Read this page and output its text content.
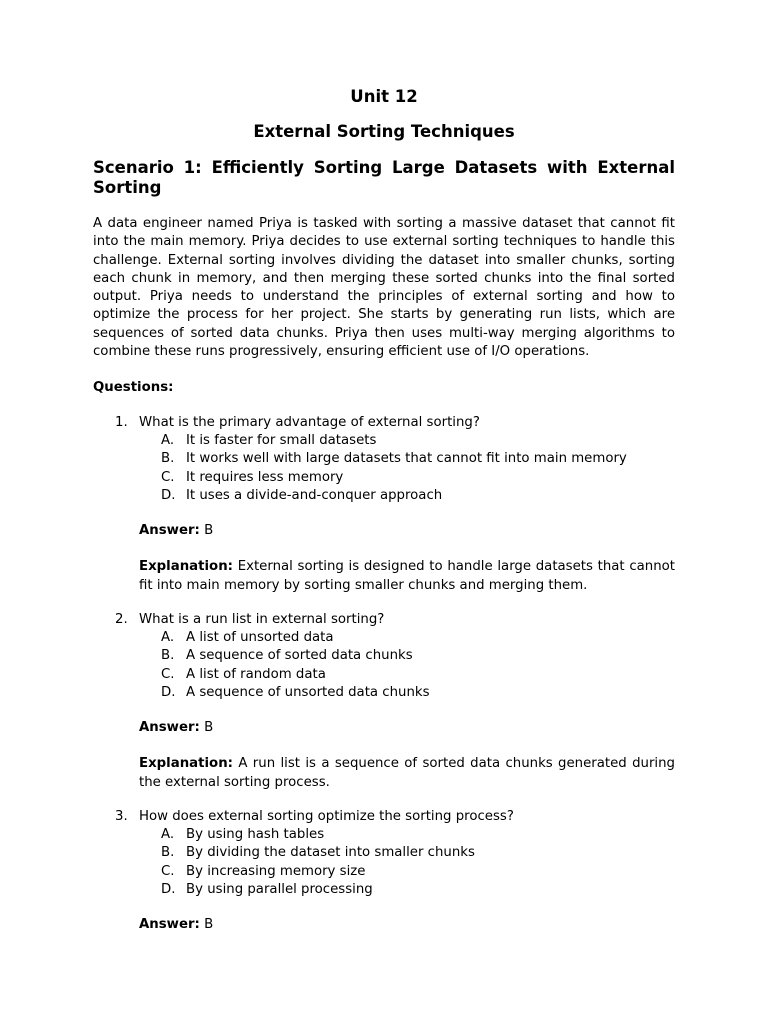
Unit 12
External Sorting Techniques
Scenario 1: Efficiently Sorting Large Datasets with External Sorting
A data engineer named Priya is tasked with sorting a massive dataset that cannot fit into the main memory. Priya decides to use external sorting techniques to handle this challenge. External sorting involves dividing the dataset into smaller chunks, sorting each chunk in memory, and then merging these sorted chunks into the final sorted output. Priya needs to understand the principles of external sorting and how to optimize the process for her project. She starts by generating run lists, which are sequences of sorted data chunks. Priya then uses multi-way merging algorithms to combine these runs progressively, ensuring efficient use of I/O operations.
Questions:
1. What is the primary advantage of external sorting?
A. It is faster for small datasets
B. It works well with large datasets that cannot fit into main memory
C. It requires less memory
D. It uses a divide-and-conquer approach
Answer: B
Explanation: External sorting is designed to handle large datasets that cannot fit into main memory by sorting smaller chunks and merging them.
2. What is a run list in external sorting?
A. A list of unsorted data
B. A sequence of sorted data chunks
C. A list of random data
D. A sequence of unsorted data chunks
Answer: B
Explanation: A run list is a sequence of sorted data chunks generated during the external sorting process.
3. How does external sorting optimize the sorting process?
A. By using hash tables
B. By dividing the dataset into smaller chunks
C. By increasing memory size
D. By using parallel processing
Answer: B
